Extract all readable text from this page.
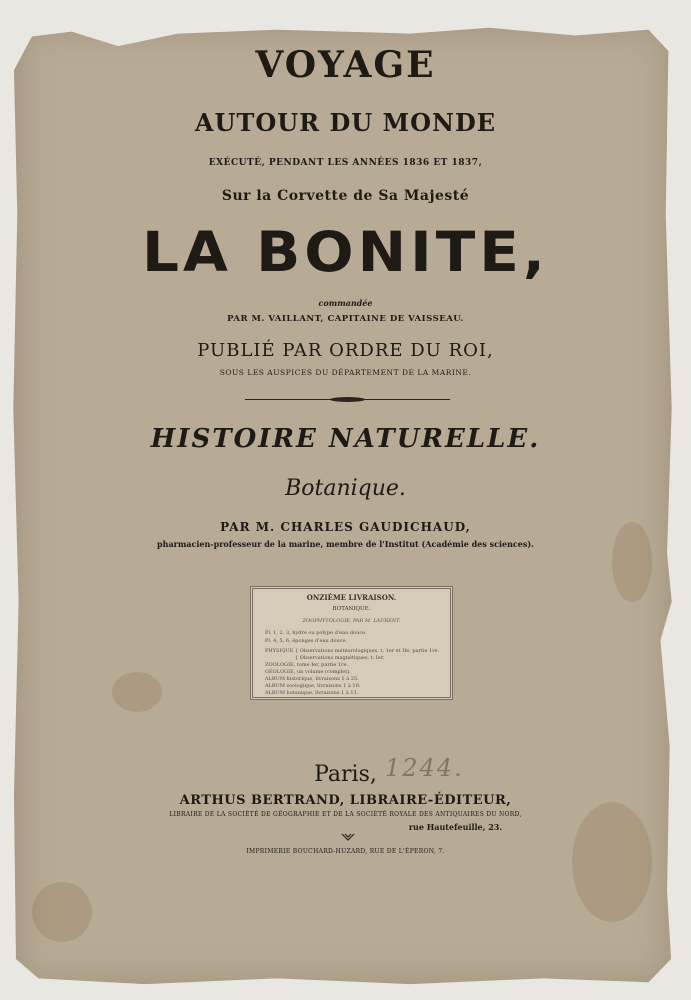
VOYAGE
AUTOUR DU MONDE
EXÉCUTÉ, PENDANT LES ANNÉES 1836 ET 1837,
Sur la Corvette de Sa Majesté
LA BONITE,
commandée
PAR M. VAILLANT, CAPITAINE DE VAISSEAU.
PUBLIÉ PAR ORDRE DU ROI,
SOUS LES AUSPICES DU DÉPARTEMENT DE LA MARINE.
HISTOIRE NATURELLE.
Botanique.
PAR M. CHARLES GAUDICHAUD,
pharmacien-professeur de la marine, membre de l'Institut (Académie des sciences).
ONZIÈME LIVRAISON.
BOTANIQUE.
ZOOPHYTOLOGIE, PAR M. LAURENT.
Pl. 1, 2, 3, hydre ou polype d'eau douce.
Pl. 4, 5, 6, éponges d'eau douce.
PHYSIQUE { Observations météorologiques, t. 1er et IIe, partie 1re.
{ Observations magnétiques, t. Ier.
ZOOLOGIE, tome Ier, partie 1re.
GÉOLOGIE, un volume (complet).
ALBUM historique, livraisons 1 à 25.
ALBUM zoologique, livraisons 1 à 10.
ALBUM botanique, livraisons 1 à 11.
Paris, 1244.
ARTHUS BERTRAND, LIBRAIRE-ÉDITEUR,
LIBRAIRE DE LA SOCIÉTÉ DE GÉOGRAPHIE ET DE LA SOCIÉTÉ ROYALE DES ANTIQUAIRES DU NORD,
rue Hautefeuille, 23.
IMPRIMERIE BOUCHARD-HUZARD, RUE DE L'ÉPERON, 7.
